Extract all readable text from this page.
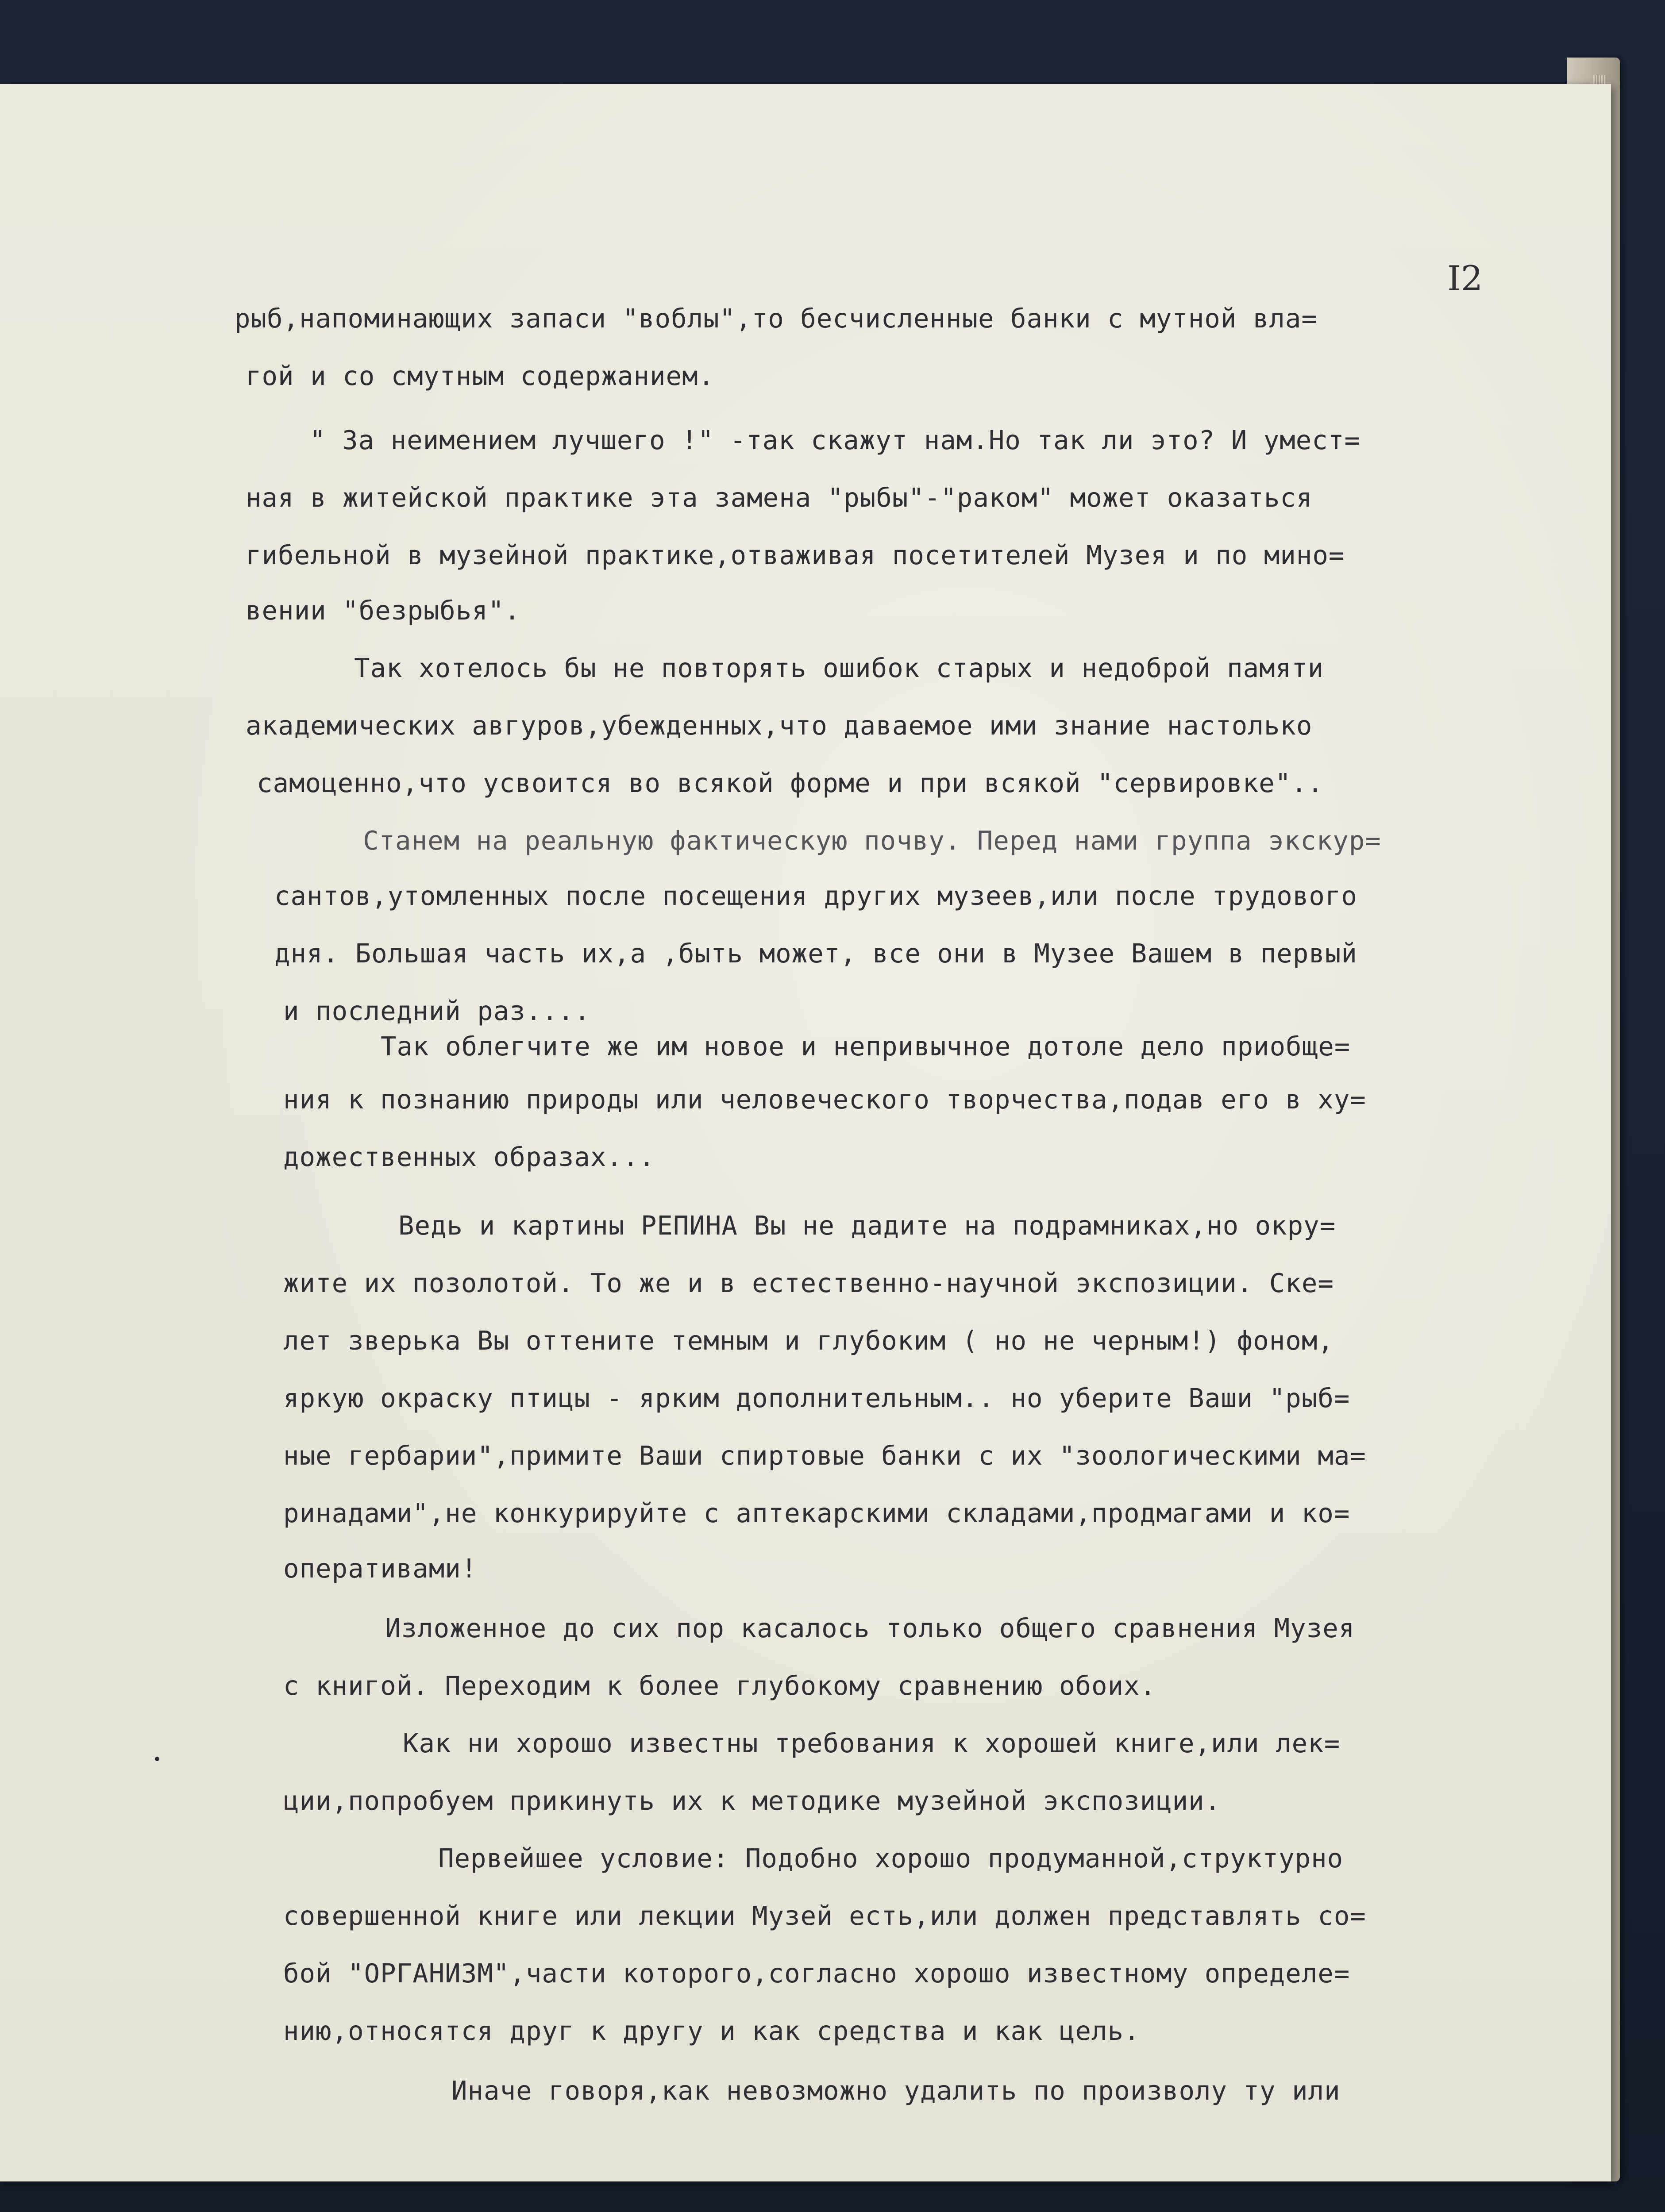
I2

рыб,напоминающих запаси "воблы",то бесчисленные банки с мутной вла=

гой и со смутным содержанием.

" За неимением лучшего !" -так скажут нам.Но так ли это? И умест=

ная в житейской практике эта замена "рыбы"-"раком" может оказаться

гибельной в музейной практике,отваживая посетителей Музея и по мино=

вении "безрыбья".

Так хотелось бы не повторять ошибок старых и недоброй памяти

академических авгуров,убежденных,что даваемое ими знание настолько

самоценно,что усвоится во всякой форме и при всякой "сервировке"..

Станем на реальную фактическую почву. Перед нами группа экскур=

сантов,утомленных после посещения других музеев,или после трудового

дня. Большая часть их,а ,быть может, все они в Музее Вашем в первый

и последний раз....

Так облегчите же им новое и непривычное дотоле дело приобще=

ния к познанию природы или человеческого творчества,подав его в ху=

дожественных образах...

Ведь и картины РЕПИНА Вы не дадите на подрамниках,но окру=

жите их позолотой. То же и в естественно-научной экспозиции. Ске=

лет зверька Вы оттените темным и глубоким ( но не черным!) фоном,

яркую окраску птицы - ярким дополнительным.. но уберите Ваши "рыб=

ные гербарии",примите Ваши спиртовые банки с их "зоологическими ма=

ринадами",не конкурируйте с аптекарскими складами,продмагами и ко=

оперативами!

Изложенное до сих пор касалось только общего сравнения Музея

с книгой. Переходим к более глубокому сравнению обоих.

Как ни хорошо известны требования к хорошей книге,или лек=

ции,попробуем прикинуть их к методике музейной экспозиции.

Первейшее условие: Подобно хорошо продуманной,структурно

совершенной книге или лекции Музей есть,или должен представлять со=

бой "ОРГАНИЗМ",части которого,согласно хорошо известному определе=

нию,относятся друг к другу и как средства и как цель.

Иначе говоря,как невозможно удалить по произволу ту или
